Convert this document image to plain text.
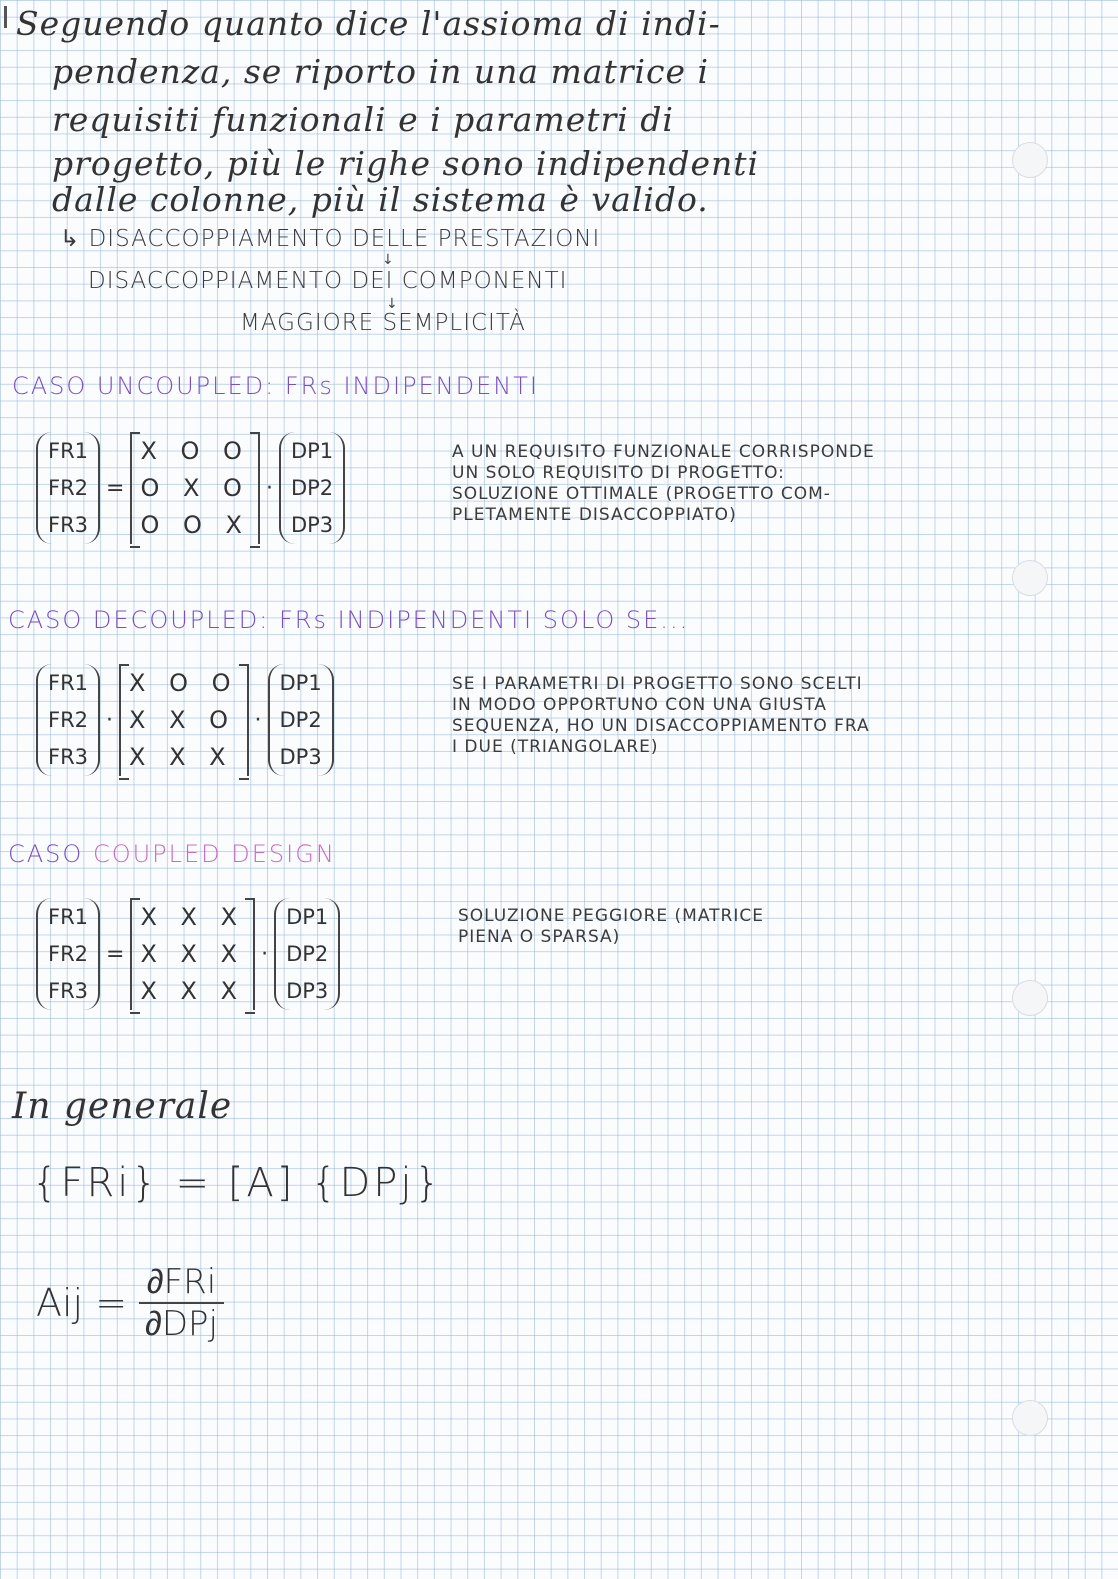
Seguendo quanto dice l'assioma di indi-
pendenza, se riporto in una matrice i
requisiti funzionali e i parametri di
progetto, più le righe sono indipendenti
dalle colonne, più il sistema è valido.
↳ DISACCOPPIAMENTO DELLE PRESTAZIONI
↓
DISACCOPPIAMENTO DEI COMPONENTI
↓
MAGGIORE SEMPLICITÀ
CASO UNCOUPLED: FRs INDIPENDENTI
FR1
FR2
FR3
=
X O O
O X O
O O X
·
DP1
DP2
DP3
A UN REQUISITO FUNZIONALE CORRISPONDE
UN SOLO REQUISITO DI PROGETTO:
SOLUZIONE OTTIMALE (PROGETTO COM-
PLETAMENTE DISACCOPPIATO)
CASO DECOUPLED: FRs INDIPENDENTI SOLO SE...
FR1
FR2
FR3
·
X O O
X X O
X X X
·
DP1
DP2
DP3
SE I PARAMETRI DI PROGETTO SONO SCELTI
IN MODO OPPORTUNO CON UNA GIUSTA
SEQUENZA, HO UN DISACCOPPIAMENTO FRA
I DUE (TRIANGOLARE)
CASO COUPLED DESIGN
FR1
FR2
FR3
=
X X X
X X X
X X X
·
DP1
DP2
DP3
SOLUZIONE PEGGIORE (MATRICE
PIENA O SPARSA)
In generale
{FRi} = [A] {DPj}
Aij = $\frac{\text{∂FRi}}{\text{∂DPj}}$
